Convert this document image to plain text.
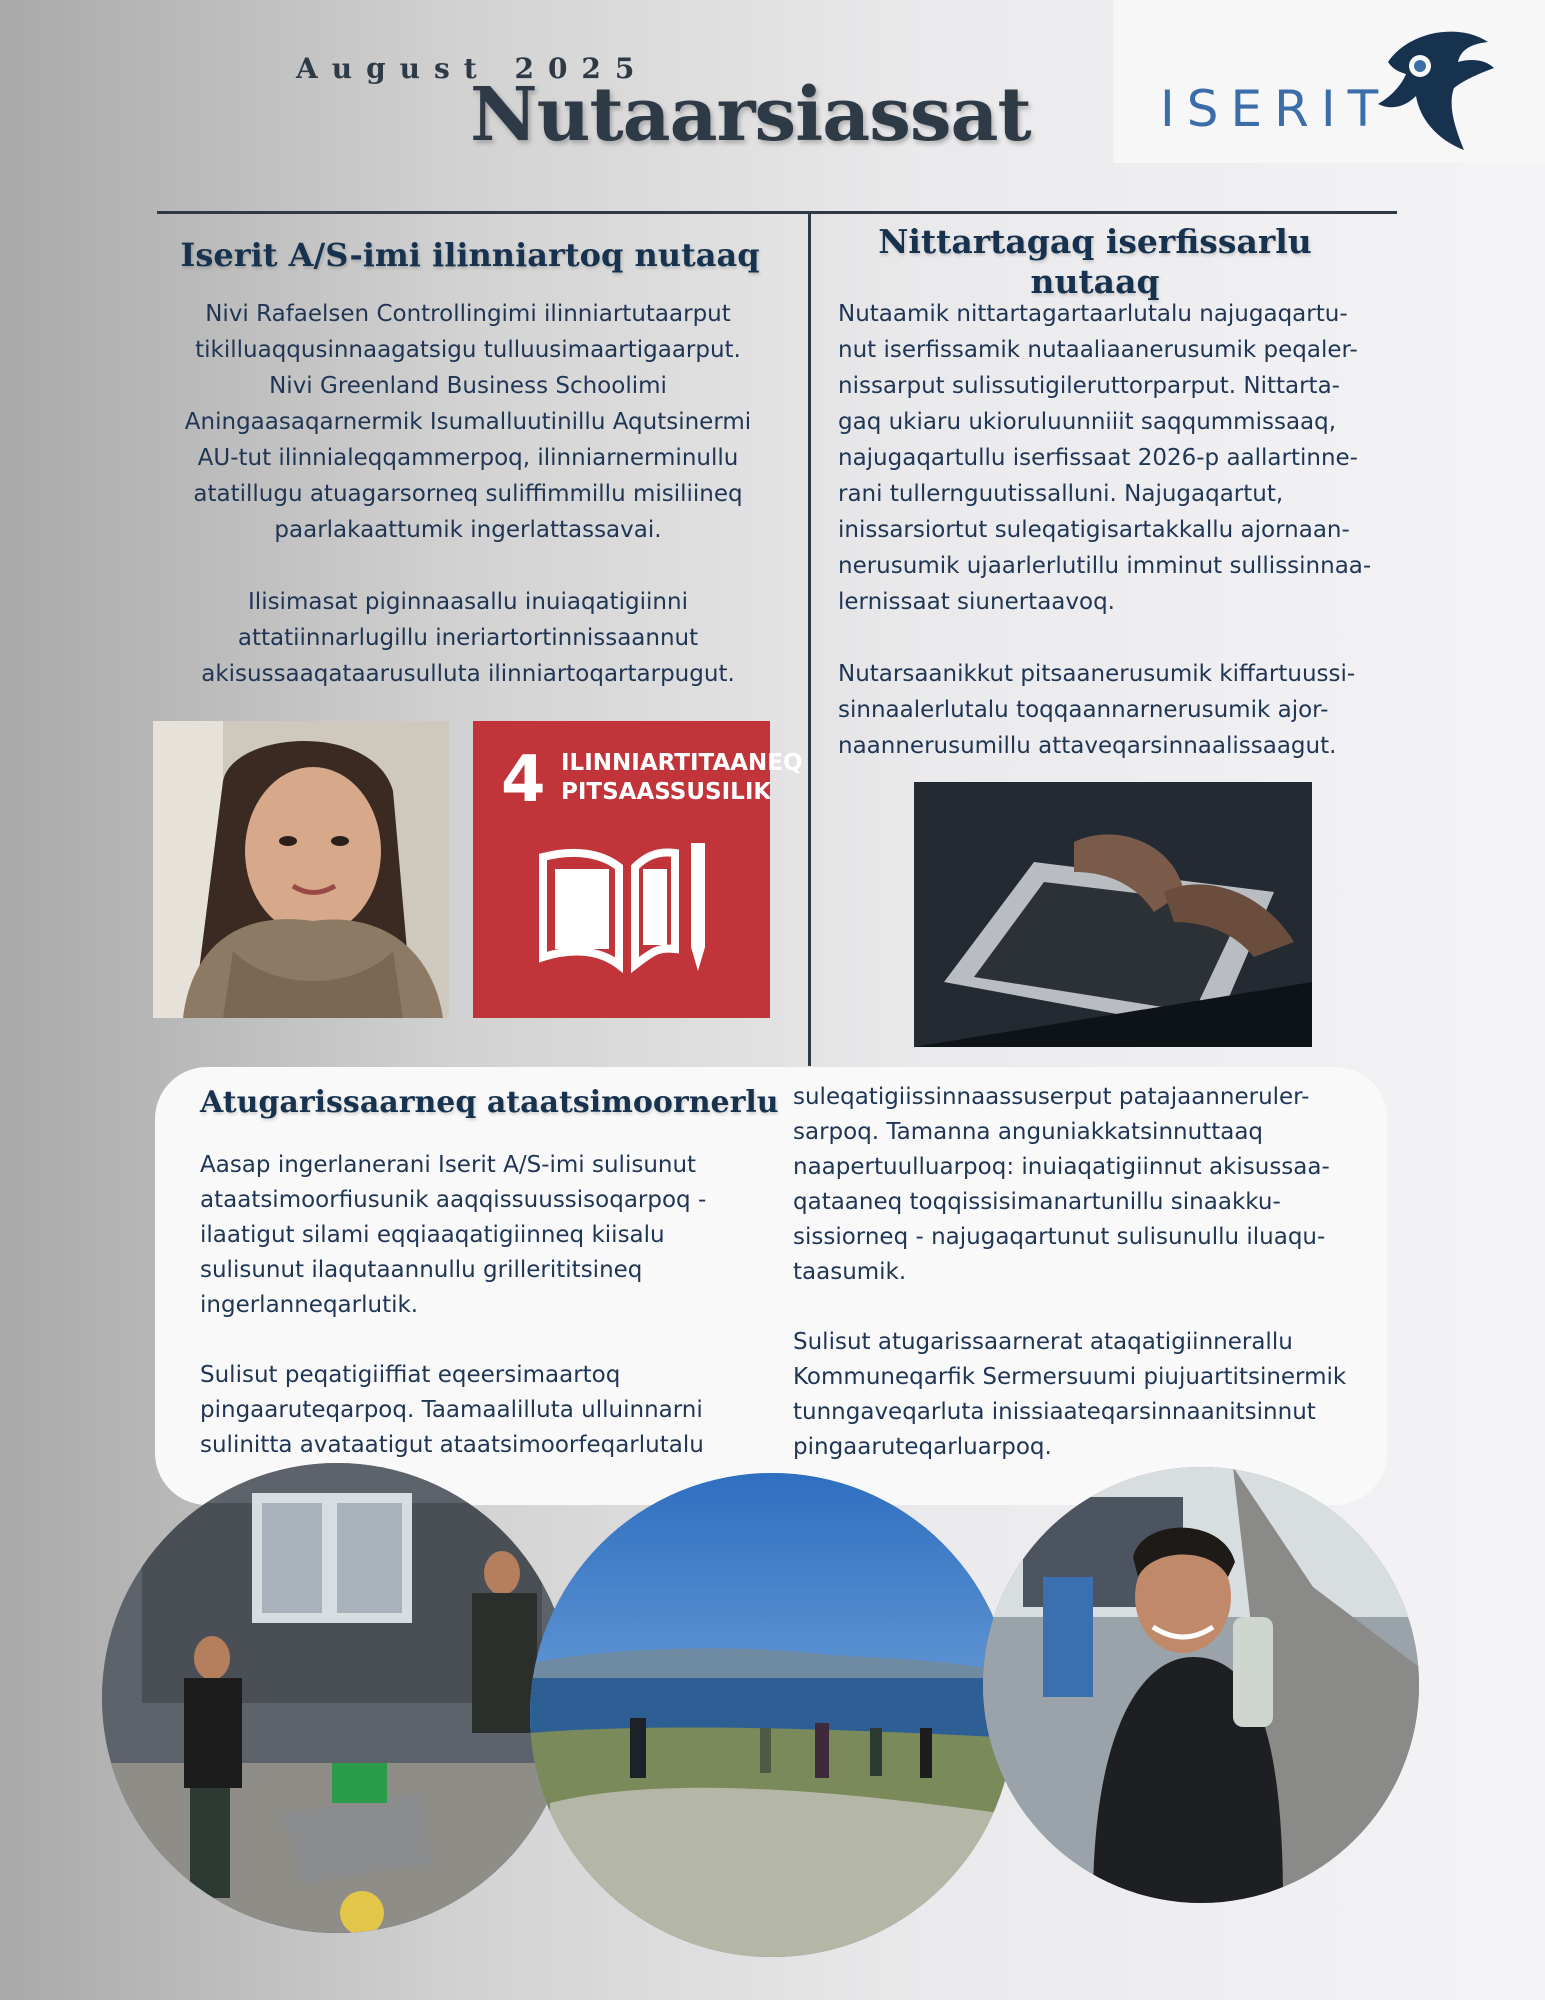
August 2025
Nutaarsiassat	ISERIT
Iserit A/S-imi ilinniartoq nutaaq
Nivi Rafaelsen Controllingimi ilinniartutaarput
tikilluaqqusinnaagatsigu tulluusimaartigaarput.
Nivi Greenland Business Schoolimi
Aningaasaqarnermik Isumalluutinillu Aqutsinermi
AU-tut ilinnialeqqammerpoq, ilinniarnerminullu
atatillugu atuagarsorneq suliffimmillu misiliineq
paarlakaattumik ingerlattassavai.

Ilisimasat piginnaasallu inuiaqatigiinni
attatiinnarlugillu ineriartortinnissaannut
akisussaaqataarusulluta ilinniartoqartarpugut.
4 ILINNIARTITAANEQ
PITSAASSUSILIK
Nittartagaq iserfissarlu nutaaq
Nutaamik nittartagartaarlutalu najugaqartu-
nut iserfissamik nutaaliaanerusumik peqaler-
nissarput sulissutigileruttorparput. Nittarta-
gaq ukiaru ukioruluunniiit saqqummissaaq,
najugaqartullu iserfissaat 2026-p aallartinne-
rani tullernguutissalluni. Najugaqartut,
inissarsiortut suleqatigisartakkallu ajornaan-
nerusumik ujaarlerlutillu imminut sullissinnaa-
lernissaat siunertaavoq.

Nutarsaanikkut pitsaanerusumik kiffartuussi-
sinnaalerlutalu toqqaannarnerusumik ajor-
naannerusumillu attaveqarsinnaalissaagut.
Atugarissaarneq ataatsimoornerlu
Aasap ingerlanerani Iserit A/S-imi sulisunut
ataatsimoorfiusunik aaqqissuussisoqarpoq -
ilaatigut silami eqqiaaqatigiinneq kiisalu
sulisunut ilaqutaannullu grillerititsineq
ingerlanneqarlutik.

Sulisut peqatigiiffiat eqeersimaartoq
pingaaruteqarpoq. Taamaalilluta ulluinnarni
sulinitta avataatigut ataatsimoorfeqarlutalu
suleqatigiissinnaassuserput patajaanneruler-
sarpoq. Tamanna anguniakkatsinnuttaaq
naapertuulluarpoq: inuiaqatigiinnut akisussaa-
qataaneq toqqissisimanartunillu sinaakku-
sissiorneq - najugaqartunut sulisunullu iluaqu-
taasumik.

Sulisut atugarissaarnerat ataqatigiinnerallu
Kommuneqarfik Sermersuumi piujuartitsinermik
tunngaveqarluta inissiaateqarsinnaanitsinnut
pingaaruteqarluarpoq.
